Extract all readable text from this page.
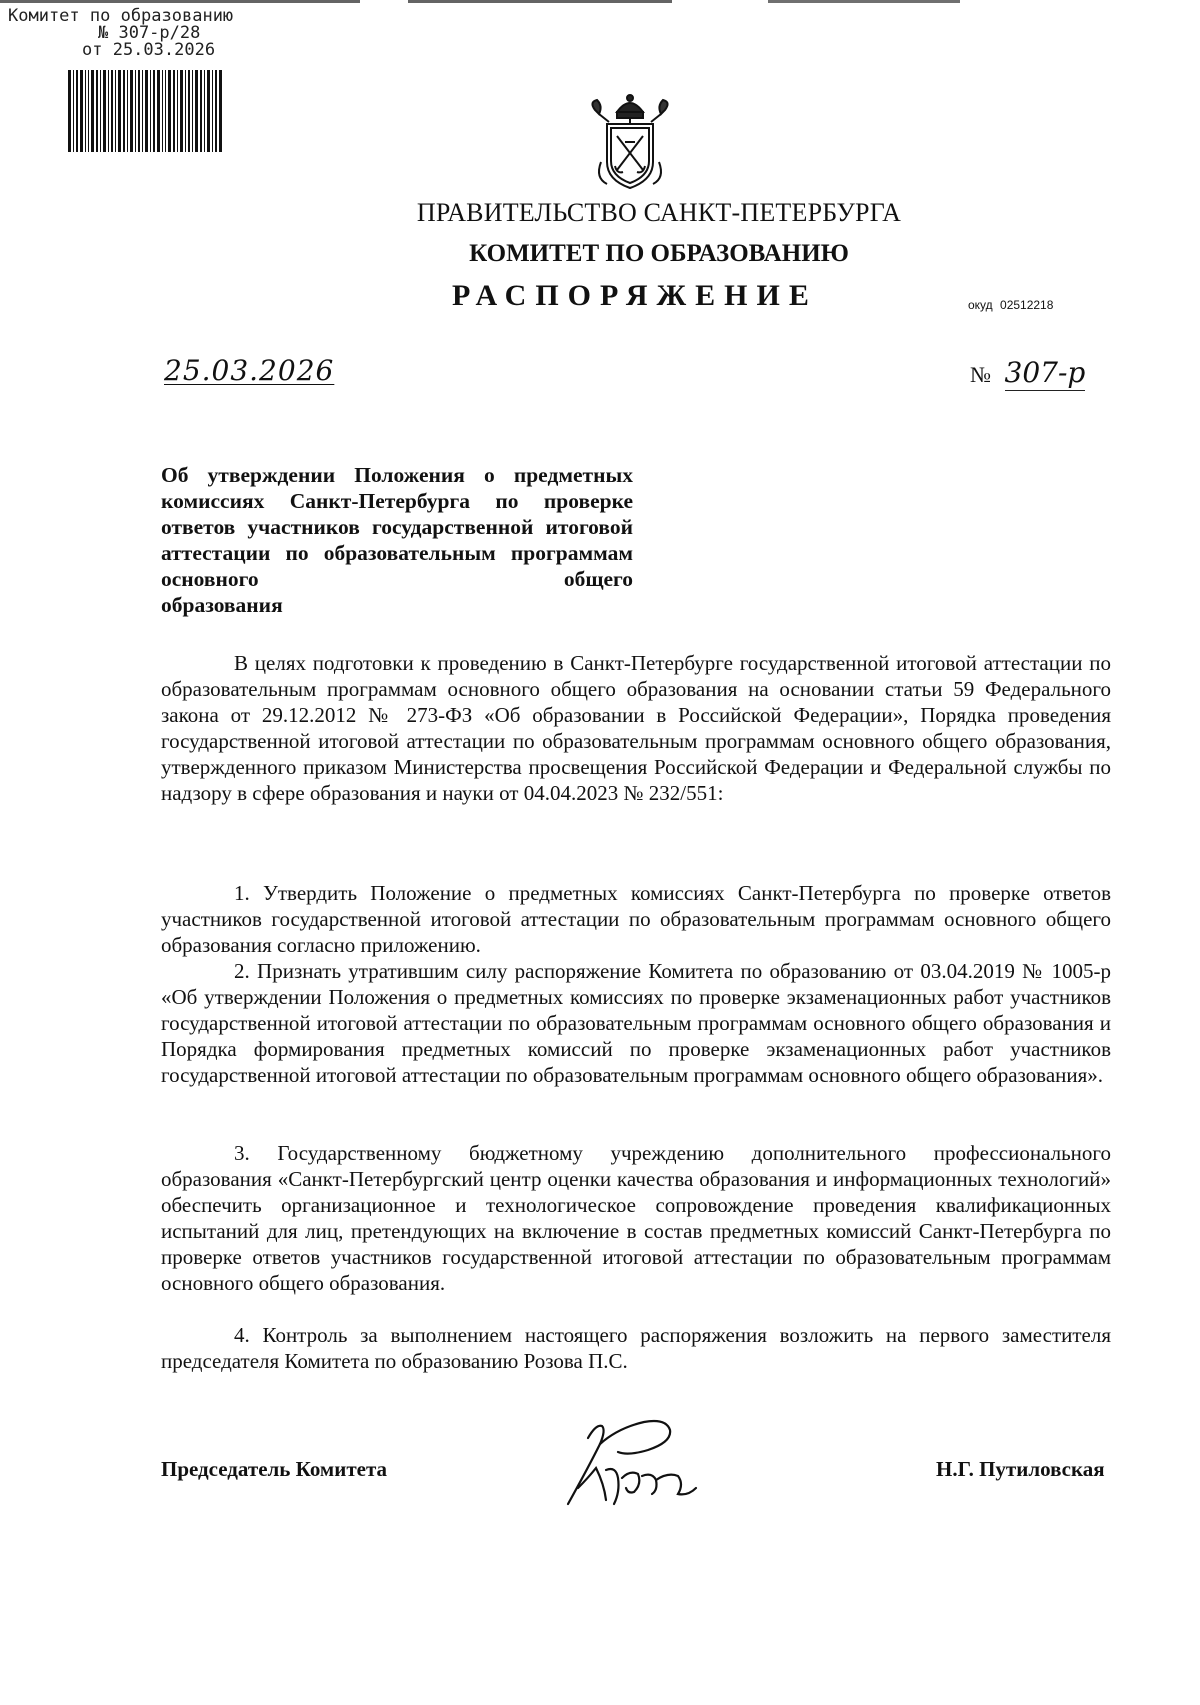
Комитет по образованию
№ 307-р/28
от 25.03.2026
ПРАВИТЕЛЬСТВО САНКТ-ПЕТЕРБУРГА
КОМИТЕТ ПО ОБРАЗОВАНИЮ
РАСПОРЯЖЕНИЕ	окуд 02512218
25.03.2026	№ 307-р
Об утверждении Положения о предметных комиссиях Санкт-Петербурга по проверке ответов участников государственной итоговой аттестации по образовательным программам основного общего
образования
В целях подготовки к проведению в Санкт-Петербурге государственной итоговой аттестации по образовательным программам основного общего образования на основании статьи 59 Федерального закона от 29.12.2012 № 273-ФЗ «Об образовании в Российской Федерации», Порядка проведения государственной итоговой аттестации по образовательным программам основного общего образования, утвержденного приказом Министерства просвещения Российской Федерации и Федеральной службы по надзору в сфере образования и науки от 04.04.2023 № 232/551:
1. Утвердить Положение о предметных комиссиях Санкт-Петербурга по проверке ответов участников государственной итоговой аттестации по образовательным программам основного общего образования согласно приложению.
2. Признать утратившим силу распоряжение Комитета по образованию от 03.04.2019 № 1005-р «Об утверждении Положения о предметных комиссиях по проверке экзаменационных работ участников государственной итоговой аттестации по образовательным программам основного общего образования и Порядка формирования предметных комиссий по проверке экзаменационных работ участников государственной итоговой аттестации по образовательным программам основного общего образования».
3. Государственному бюджетному учреждению дополнительного профессионального образования «Санкт-Петербургский центр оценки качества образования и информационных технологий» обеспечить организационное и технологическое сопровождение проведения квалификационных испытаний для лиц, претендующих на включение в состав предметных комиссий Санкт-Петербурга по проверке ответов участников государственной итоговой аттестации по образовательным программам основного общего образования.
4. Контроль за выполнением настоящего распоряжения возложить на первого заместителя председателя Комитета по образованию Розова П.С.
Председатель Комитета	Н.Г. Путиловская
